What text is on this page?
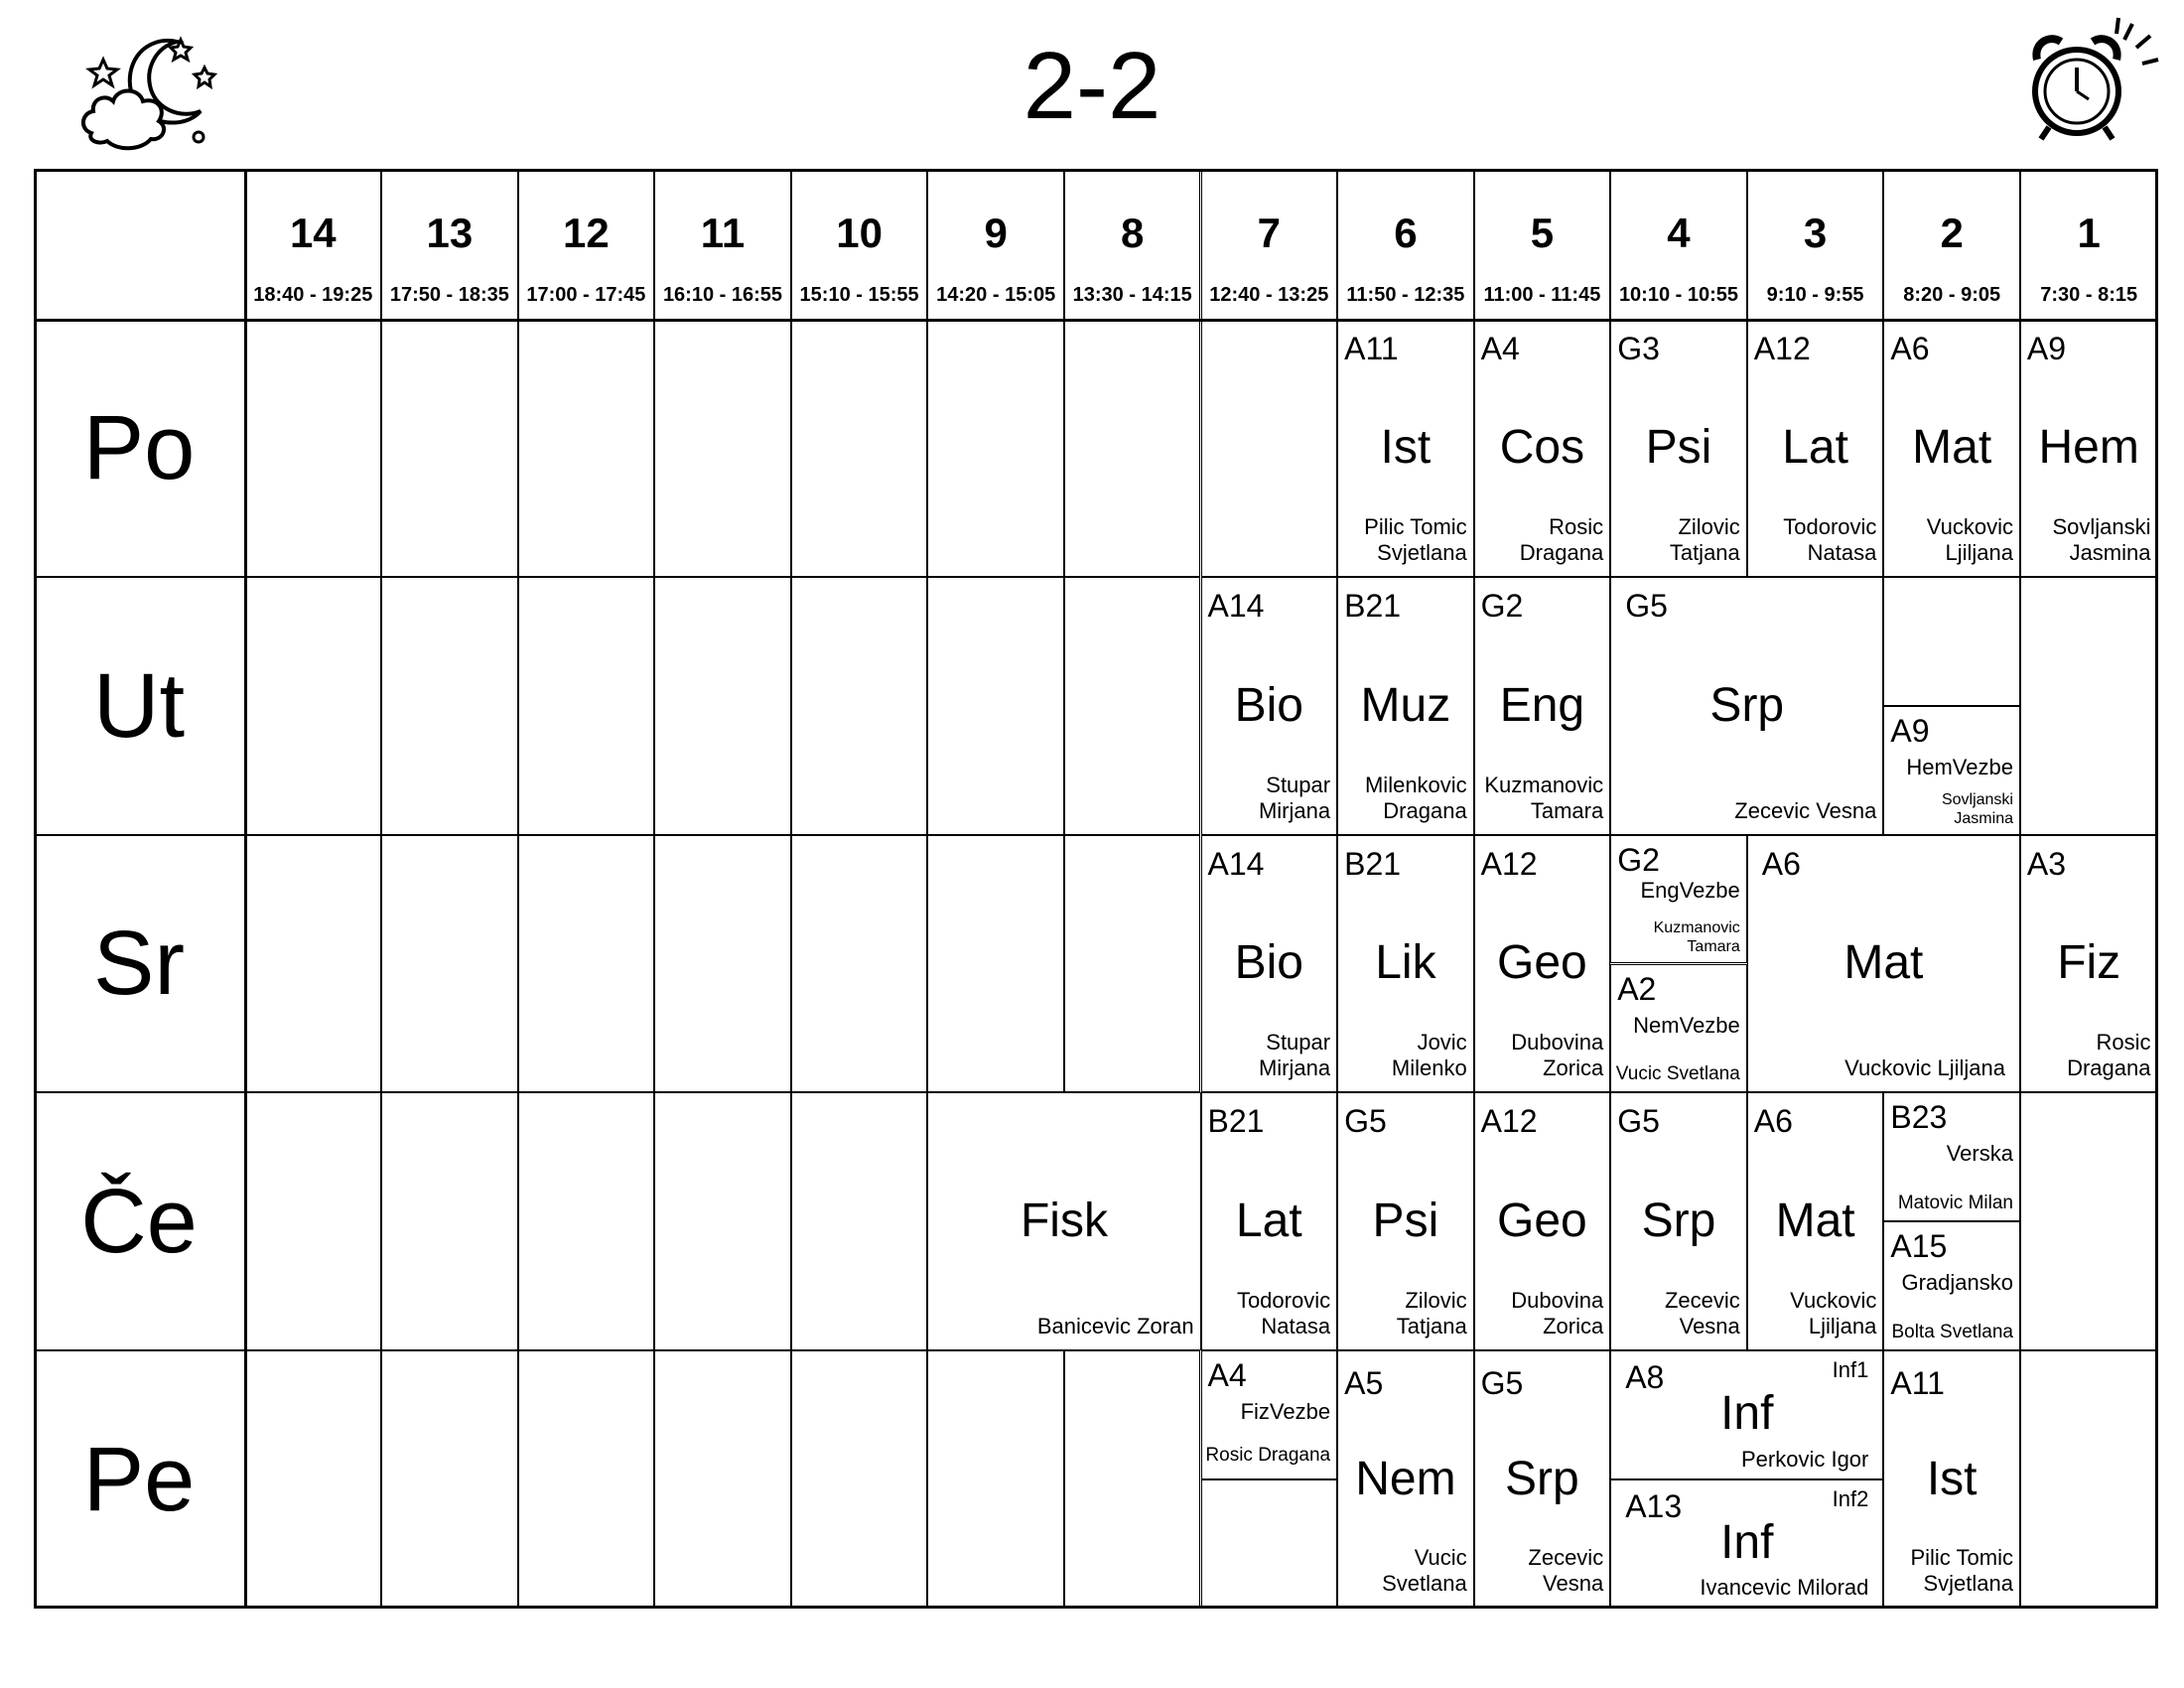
2-2
14
18:40 - 19:25
13
17:50 - 18:35
12
17:00 - 17:45
11
16:10 - 16:55
10
15:10 - 15:55
9
14:20 - 15:05
8
13:30 - 14:15
7
12:40 - 13:25
6
11:50 - 12:35
5
11:00 - 11:45
4
10:10 - 10:55
3
9:10 - 9:55
2
8:20 - 9:05
1
7:30 - 8:15
Po
Ut
Sr
Če
Pe
A11
Ist
Pilic Tomic
Svjetlana
A4
Cos
Rosic
Dragana
G3
Psi
Zilovic
Tatjana
A12
Lat
Todorovic
Natasa
A6
Mat
Vuckovic
Ljiljana
A9
Hem
Sovljanski
Jasmina
A14
Bio
Stupar
Mirjana
B21
Muz
Milenkovic
Dragana
G2
Eng
Kuzmanovic
Tamara
G5
Srp
Zecevic Vesna
A9
HemVezbe
Sovljanski
Jasmina
A14
Bio
Stupar
Mirjana
B21
Lik
Jovic
Milenko
A12
Geo
Dubovina
Zorica
G2
EngVezbe
Kuzmanovic
Tamara
A2
NemVezbe
Vucic Svetlana
A6
Mat
Vuckovic Ljiljana
A3
Fiz
Rosic
Dragana
Fisk
Banicevic Zoran
B21
Lat
Todorovic
Natasa
G5
Psi
Zilovic
Tatjana
A12
Geo
Dubovina
Zorica
G5
Srp
Zecevic
Vesna
A6
Mat
Vuckovic
Ljiljana
B23
Verska
Matovic Milan
A15
Gradjansko
Bolta Svetlana
A4
FizVezbe
Rosic Dragana
A5
Nem
Vucic
Svetlana
G5
Srp
Zecevic
Vesna
A8	Inf1
Inf
Perkovic Igor
A13	Inf2
Inf
Ivancevic Milorad
A11
Ist
Pilic Tomic
Svjetlana
